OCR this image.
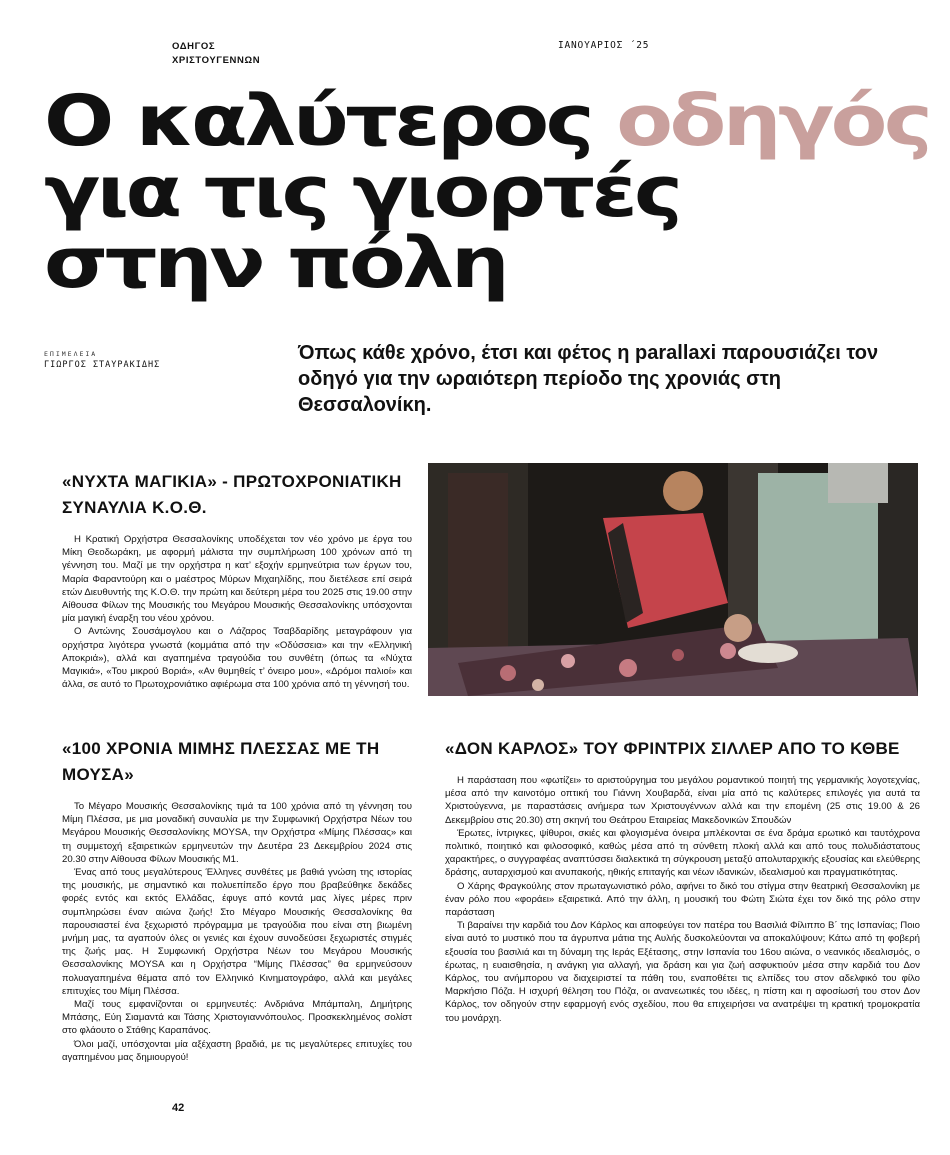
ΟΔΗΓΟΣ
ΧΡΙΣΤΟΥΓΕΝΝΩΝ
ΙΑΝΟΥΑΡΙΟΣ ΄25
Ο καλύτερος οδηγός
για τις γιορτές
στην πόλη
ΕΠΙΜΕΛΕΙΑ
ΓΙΩΡΓΟΣ ΣΤΑΥΡΑΚΙΔΗΣ
Όπως κάθε χρόνο, έτσι και φέτος η parallaxi παρουσιάζει τον οδηγό για την ωραιότερη περίοδο της χρονιάς στη Θεσσαλονίκη.
«ΝΥΧΤΑ ΜΑΓΙΚΙΑ» - ΠΡΩΤΟΧΡΟΝΙΑΤΙΚΗ ΣΥΝΑΥΛΙΑ Κ.Ο.Θ.

Η Κρατική Ορχήστρα Θεσσαλονίκης υποδέχεται τον νέο χρόνο με έργα του Μίκη Θεοδωράκη, με αφορμή μάλιστα την συμπλήρωση 100 χρόνων από τη γέννηση του. Μαζί με την ορχήστρα η κατ’ εξοχήν ερμηνεύτρια των έργων του, Μαρία Φαραντούρη και ο μαέστρος Μύρων Μιχαηλίδης, που διετέλεσε επί σειρά ετών Διευθυντής της Κ.Ο.Θ. την πρώτη και δεύτερη μέρα του 2025 στις 19.00 στην Αίθουσα Φίλων της Μουσικής του Μεγάρου Μουσικής Θεσσαλονίκης υπόσχονται μία μαγική έναρξη του νέου χρόνου.

Ο Αντώνης Σουσάμογλου και ο Λάζαρος Τσαβδαρίδης μεταγράφουν για ορχήστρα λιγότερα γνωστά (κομμάτια από την «Οδύσσεια» και την «Ελληνική Αποκριά»), αλλά και αγαπημένα τραγούδια του συνθέτη (όπως τα «Νύχτα Μαγικιά», «Του μικρού Βοριά», «Αν θυμηθείς τ’ όνειρο μου», «Δρόμοι παλιοί» και άλλα, σε αυτό το Πρωτοχρονιάτικο αφιέρωμα στα 100 χρόνια από τη γέννησή του.

«100 ΧΡΟΝΙΑ ΜΙΜΗΣ ΠΛΕΣΣΑΣ ΜΕ ΤΗ ΜΟΥΣΑ»

Το Μέγαρο Μουσικής Θεσσαλονίκης τιμά τα 100 χρόνια από τη γέννηση του Μίμη Πλέσσα, με μια μοναδική συναυλία με την Συμφωνική Ορχήστρα Νέων του Μεγάρου Μουσικής Θεσσαλονίκης MOYSA, την Ορχήστρα «Μίμης Πλέσσας» και τη συμμετοχή εξαιρετικών ερμηνευτών την Δευτέρα 23 Δεκεμβρίου 2024 στις 20.30 στην Αίθουσα Φίλων Μουσικής Μ1.

Ένας από τους μεγαλύτερους Έλληνες συνθέτες με βαθιά γνώση της ιστορίας της μουσικής, με σημαντικό και πολυεπίπεδο έργο που βραβεύθηκε δεκάδες φορές εντός και εκτός Ελλάδας, έφυγε από κοντά μας λίγες μέρες πριν συμπληρώσει έναν αιώνα ζωής! Στο Μέγαρο Μουσικής Θεσσαλονίκης θα παρουσιαστεί ένα ξεχωριστό πρόγραμμα με τραγούδια που είναι στη βιωμένη μνήμη μας, τα αγαπούν όλες οι γενιές και έχουν συνοδεύσει ξεχωριστές στιγμές της ζωής μας. Η Συμφωνική Ορχήστρα Νέων του Μεγάρου Μουσικής Θεσσαλονίκης MOYSA και η Ορχήστρα “Μίμης Πλέσσας” θα ερμηνεύσουν πολυαγαπημένα θέματα από τον Ελληνικό Κινηματογράφο, αλλά και μεγάλες επιτυχίες του Μίμη Πλέσσα.

Μαζί τους εμφανίζονται οι ερμηνευτές: Ανδριάνα Μπάμπαλη, Δημήτρης Μπάσης, Εύη Σιαμαντά και Τάσης Χριστογιαννόπουλος. Προσκεκλημένος σολίστ στο φλάουτο ο Στάθης Καραπάνος.

Όλοι μαζί, υπόσχονται μία αξέχαστη βραδιά, με τις μεγαλύτερες επιτυχίες του αγαπημένου μας δημιουργού!

«ΔΟΝ ΚΑΡΛΟΣ» ΤΟΥ ΦΡΙΝΤΡΙΧ ΣΙΛΛΕΡ ΑΠΟ ΤΟ ΚΘΒΕ

Η παράσταση που «φωτίζει» το αριστούργημα του μεγάλου ρομαντικού ποιητή της γερμανικής λογοτεχνίας, μέσα από την καινοτόμο οπτική του Γιάννη Χουβαρδά, είναι μία από τις καλύτερες επιλογές για αυτά τα Χριστούγεννα, με παραστάσεις ανήμερα των Χριστουγέννων αλλά και την επομένη (25 στις 19.00 & 26 Δεκεμβρίου στις 20.30) στη σκηνή του Θεάτρου Εταιρείας Μακεδονικών Σπουδών

Έρωτες, ίντριγκες, ψίθυροι, σκιές και φλογισμένα όνειρα μπλέκονται σε ένα δράμα ερωτικό και ταυτόχρονα πολιτικό, ποιητικό και φιλοσοφικό, καθώς μέσα από τη σύνθετη πλοκή αλλά και από τους πολυδιάστατους χαρακτήρες, ο συγγραφέας αναπτύσσει διαλεκτικά τη σύγκρουση μεταξύ απολυταρχικής εξουσίας και ελεύθερης δράσης, αυταρχισμού και ανυπακοής, ηθικής επιταγής και νέων ιδανικών, ιδεαλισμού και πραγματικότητας.

Ο Χάρης Φραγκούλης στον πρωταγωνιστικό ρόλο, αφήνει το δικό του στίγμα στην θεατρική Θεσσαλονίκη με έναν ρόλο που «φοράει» εξαιρετικά. Από την άλλη, η μουσική του Φώτη Σιώτα έχει τον δικό της ρόλο στην παράσταση

Τι βαραίνει την καρδιά του Δον Κάρλος και αποφεύγει τον πατέρα του Βασιλιά Φίλιππο Β΄ της Ισπανίας; Ποιο είναι αυτό το μυστικό που τα άγρυπνα μάτια της Αυλής δυσκολεύονται να αποκαλύψουν; Κάτω από τη φοβερή εξουσία του βασιλιά και τη δύναμη της Ιεράς Εξέτασης, στην Ισπανία του 16ου αιώνα, ο νεανικός ιδεαλισμός, ο έρωτας, η ευαισθησία, η ανάγκη για αλλαγή, για δράση και για ζωή ασφυκτιούν μέσα στην καρδιά του Δον Κάρλος, του ανήμπορου να διαχειριστεί τα πάθη του, εναποθέτει τις ελπίδες του στον αδελφικό του φίλο Μαρκήσιο Πόζα. Η ισχυρή θέληση του Πόζα, οι ανανεωτικές του ιδέες, η πίστη και η αφοσίωσή του στον Δον Κάρλος, τον οδηγούν στην εφαρμογή ενός σχεδίου, που θα επιχειρήσει να ανατρέψει τη κρατική τρομοκρατία του μονάρχη.

42
